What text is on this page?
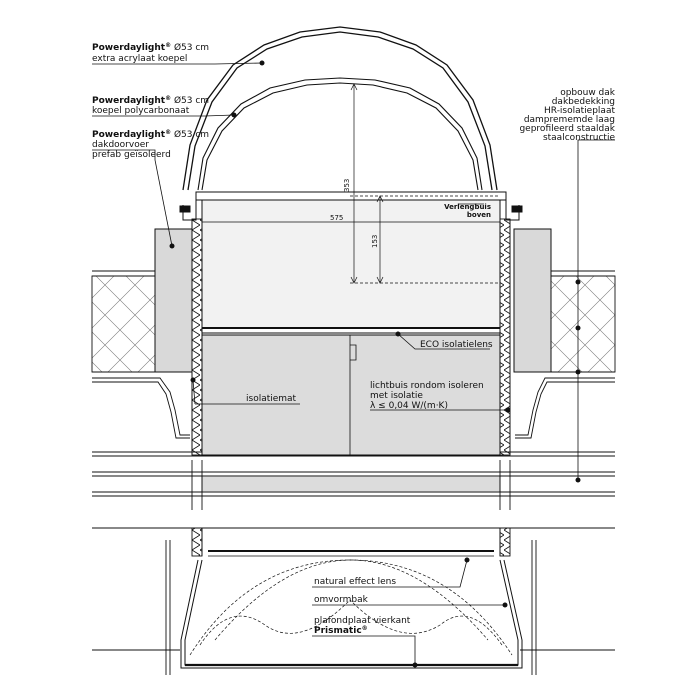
353
575
153
Powerdaylight® Ø53 cm
extra acrylaat koepel
Powerdaylight® Ø53 cm
koepel polycarbonaat
Powerdaylight® Ø53 cm
dakdoorvoer
prefab geïsoleerd
opbouw dak
dakbedekking
HR-isolatieplaat
damprememde laag
geprofileerd staaldak
staalconstructie
Verlengbuis
boven
ECO isolatielens
isolatiemat
lichtbuis rondom isoleren
met isolatie
λ ≤ 0,04 W/(m·K)
natural effect lens
omvormbak
plafondplaat vierkant
Prismatic®
